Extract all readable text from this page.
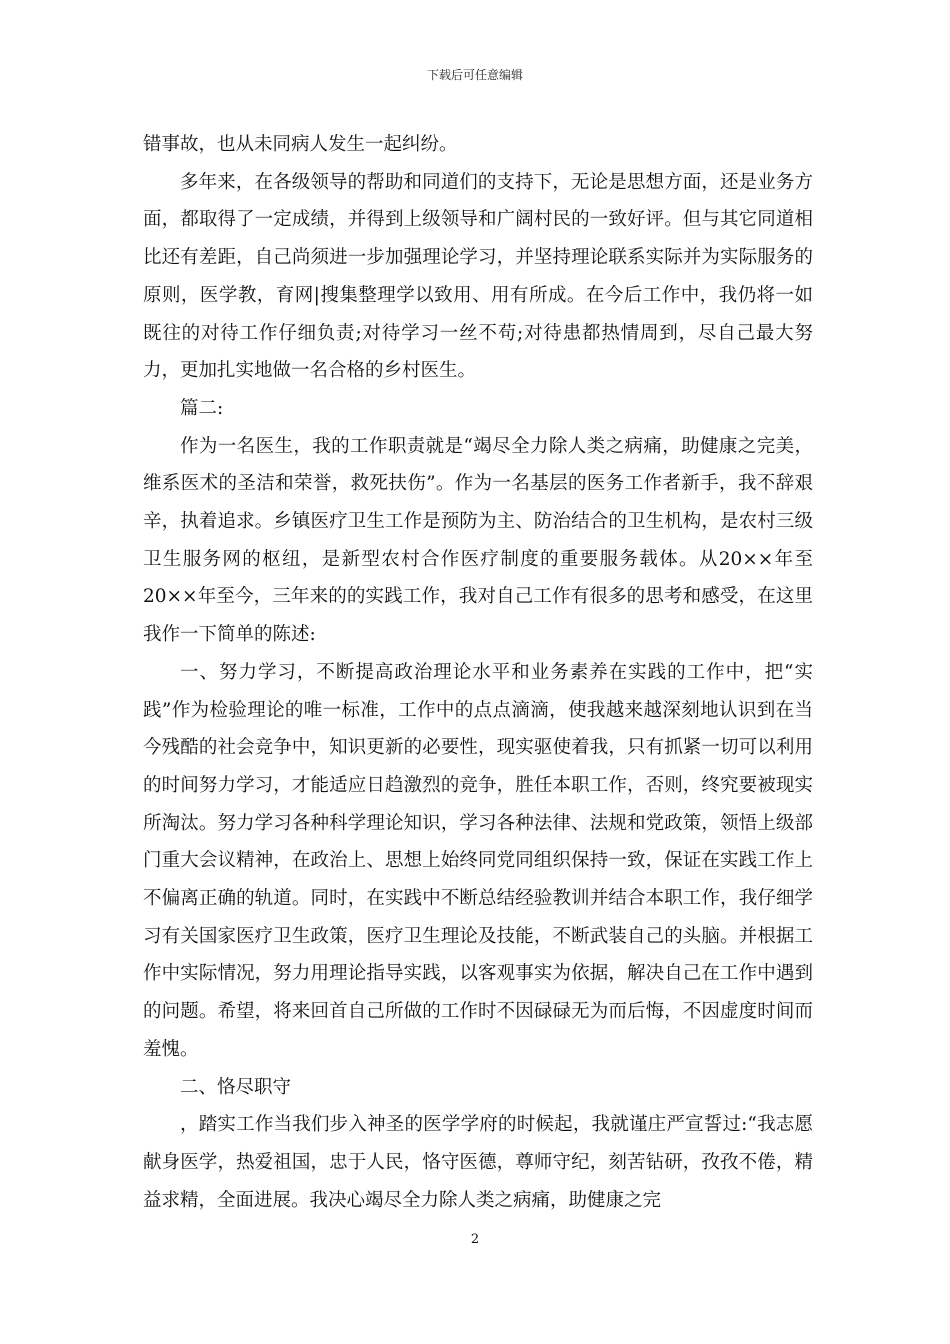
下载后可任意编辑

错事故，也从未同病人发生一起纠纷。

多年来，在各级领导的帮助和同道们的支持下，无论是思想方面，还是业务方面，都取得了一定成绩，并得到上级领导和广阔村民的一致好评。但与其它同道相比还有差距，自己尚须进一步加强理论学习，并坚持理论联系实际并为实际服务的原则，医学教，育网|搜集整理学以致用、用有所成。在今后工作中，我仍将一如既往的对待工作仔细负责;对待学习一丝不苟;对待患都热情周到，尽自己最大努力，更加扎实地做一名合格的乡村医生。

篇二:

作为一名医生，我的工作职责就是“竭尽全力除人类之病痛，助健康之完美，维系医术的圣洁和荣誉，救死扶伤”。作为一名基层的医务工作者新手，我不辞艰辛，执着追求。乡镇医疗卫生工作是预防为主、防治结合的卫生机构，是农村三级卫生服务网的枢纽，是新型农村合作医疗制度的重要服务载体。从20××年至20××年至今，三年来的的实践工作，我对自己工作有很多的思考和感受，在这里我作一下简单的陈述:

一、努力学习，不断提高政治理论水平和业务素养在实践的工作中，把“实践”作为检验理论的唯一标准，工作中的点点滴滴，使我越来越深刻地认识到在当今残酷的社会竞争中，知识更新的必要性，现实驱使着我，只有抓紧一切可以利用的时间努力学习，才能适应日趋激烈的竞争，胜任本职工作，否则，终究要被现实所淘汰。努力学习各种科学理论知识，学习各种法律、法规和党政策，领悟上级部门重大会议精神，在政治上、思想上始终同党同组织保持一致，保证在实践工作上不偏离正确的轨道。同时，在实践中不断总结经验教训并结合本职工作，我仔细学习有关国家医疗卫生政策，医疗卫生理论及技能，不断武装自己的头脑。并根据工作中实际情况，努力用理论指导实践，以客观事实为依据，解决自己在工作中遇到的问题。希望，将来回首自己所做的工作时不因碌碌无为而后悔，不因虚度时间而羞愧。

二、恪尽职守

，踏实工作当我们步入神圣的医学学府的时候起，我就谨庄严宣誓过:“我志愿献身医学，热爱祖国，忠于人民，恪守医德，尊师守纪，刻苦钻研，孜孜不倦，精益求精，全面进展。我决心竭尽全力除人类之病痛，助健康之完

2
